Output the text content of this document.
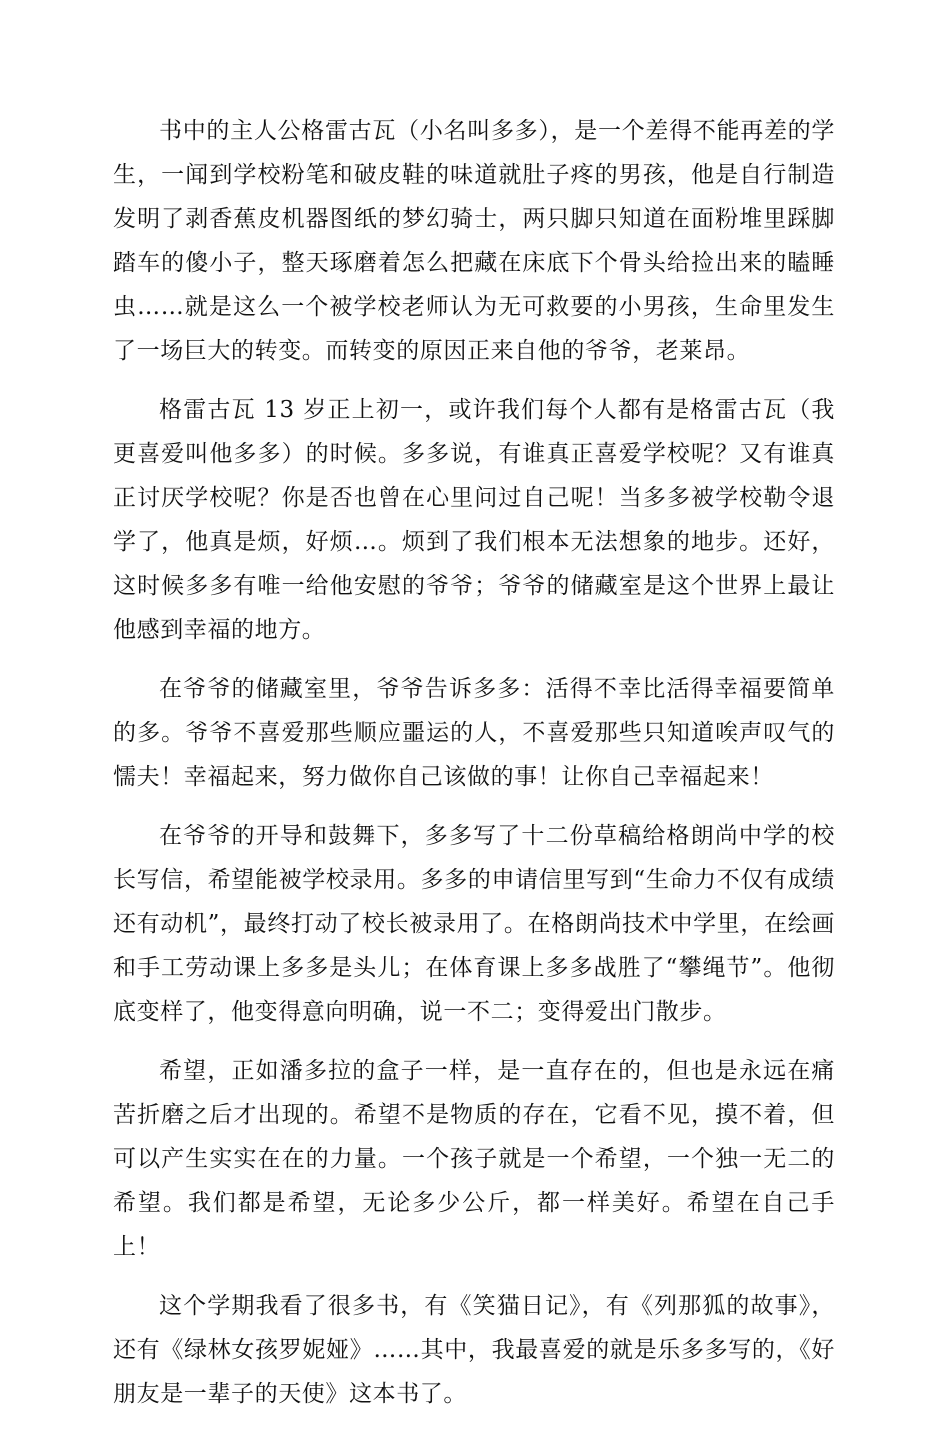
书中的主人公格雷古瓦（小名叫多多），是一个差得不能再差的学生，一闻到学校粉笔和破皮鞋的味道就肚子疼的男孩，他是自行制造发明了剥香蕉皮机器图纸的梦幻骑士，两只脚只知道在面粉堆里踩脚踏车的傻小子，整天琢磨着怎么把藏在床底下个骨头给捡出来的瞌睡虫……就是这么一个被学校老师认为无可救要的小男孩，生命里发生了一场巨大的转变。而转变的原因正来自他的爷爷，老莱昂。

格雷古瓦 13 岁正上初一，或许我们每个人都有是格雷古瓦（我更喜爱叫他多多）的时候。多多说，有谁真正喜爱学校呢？又有谁真正讨厌学校呢？你是否也曾在心里问过自己呢！当多多被学校勒令退学了，他真是烦，好烦…。烦到了我们根本无法想象的地步。还好，这时候多多有唯一给他安慰的爷爷；爷爷的储藏室是这个世界上最让他感到幸福的地方。

在爷爷的储藏室里，爷爷告诉多多：活得不幸比活得幸福要简单的多。爷爷不喜爱那些顺应噩运的人，不喜爱那些只知道唉声叹气的懦夫！幸福起来，努力做你自己该做的事！让你自己幸福起来！

在爷爷的开导和鼓舞下，多多写了十二份草稿给格朗尚中学的校长写信，希望能被学校录用。多多的申请信里写到“生命力不仅有成绩还有动机”，最终打动了校长被录用了。在格朗尚技术中学里，在绘画和手工劳动课上多多是头儿；在体育课上多多战胜了“攀绳节”。他彻底变样了，他变得意向明确，说一不二；变得爱出门散步。

希望，正如潘多拉的盒子一样，是一直存在的，但也是永远在痛苦折磨之后才出现的。希望不是物质的存在，它看不见，摸不着，但可以产生实实在在的力量。一个孩子就是一个希望，一个独一无二的希望。我们都是希望，无论多少公斤，都一样美好。希望在自己手上！

这个学期我看了很多书，有《笑猫日记》，有《列那狐的故事》，还有《绿林女孩罗妮娅》……其中，我最喜爱的就是乐多多写的，《好朋友是一辈子的天使》这本书了。
